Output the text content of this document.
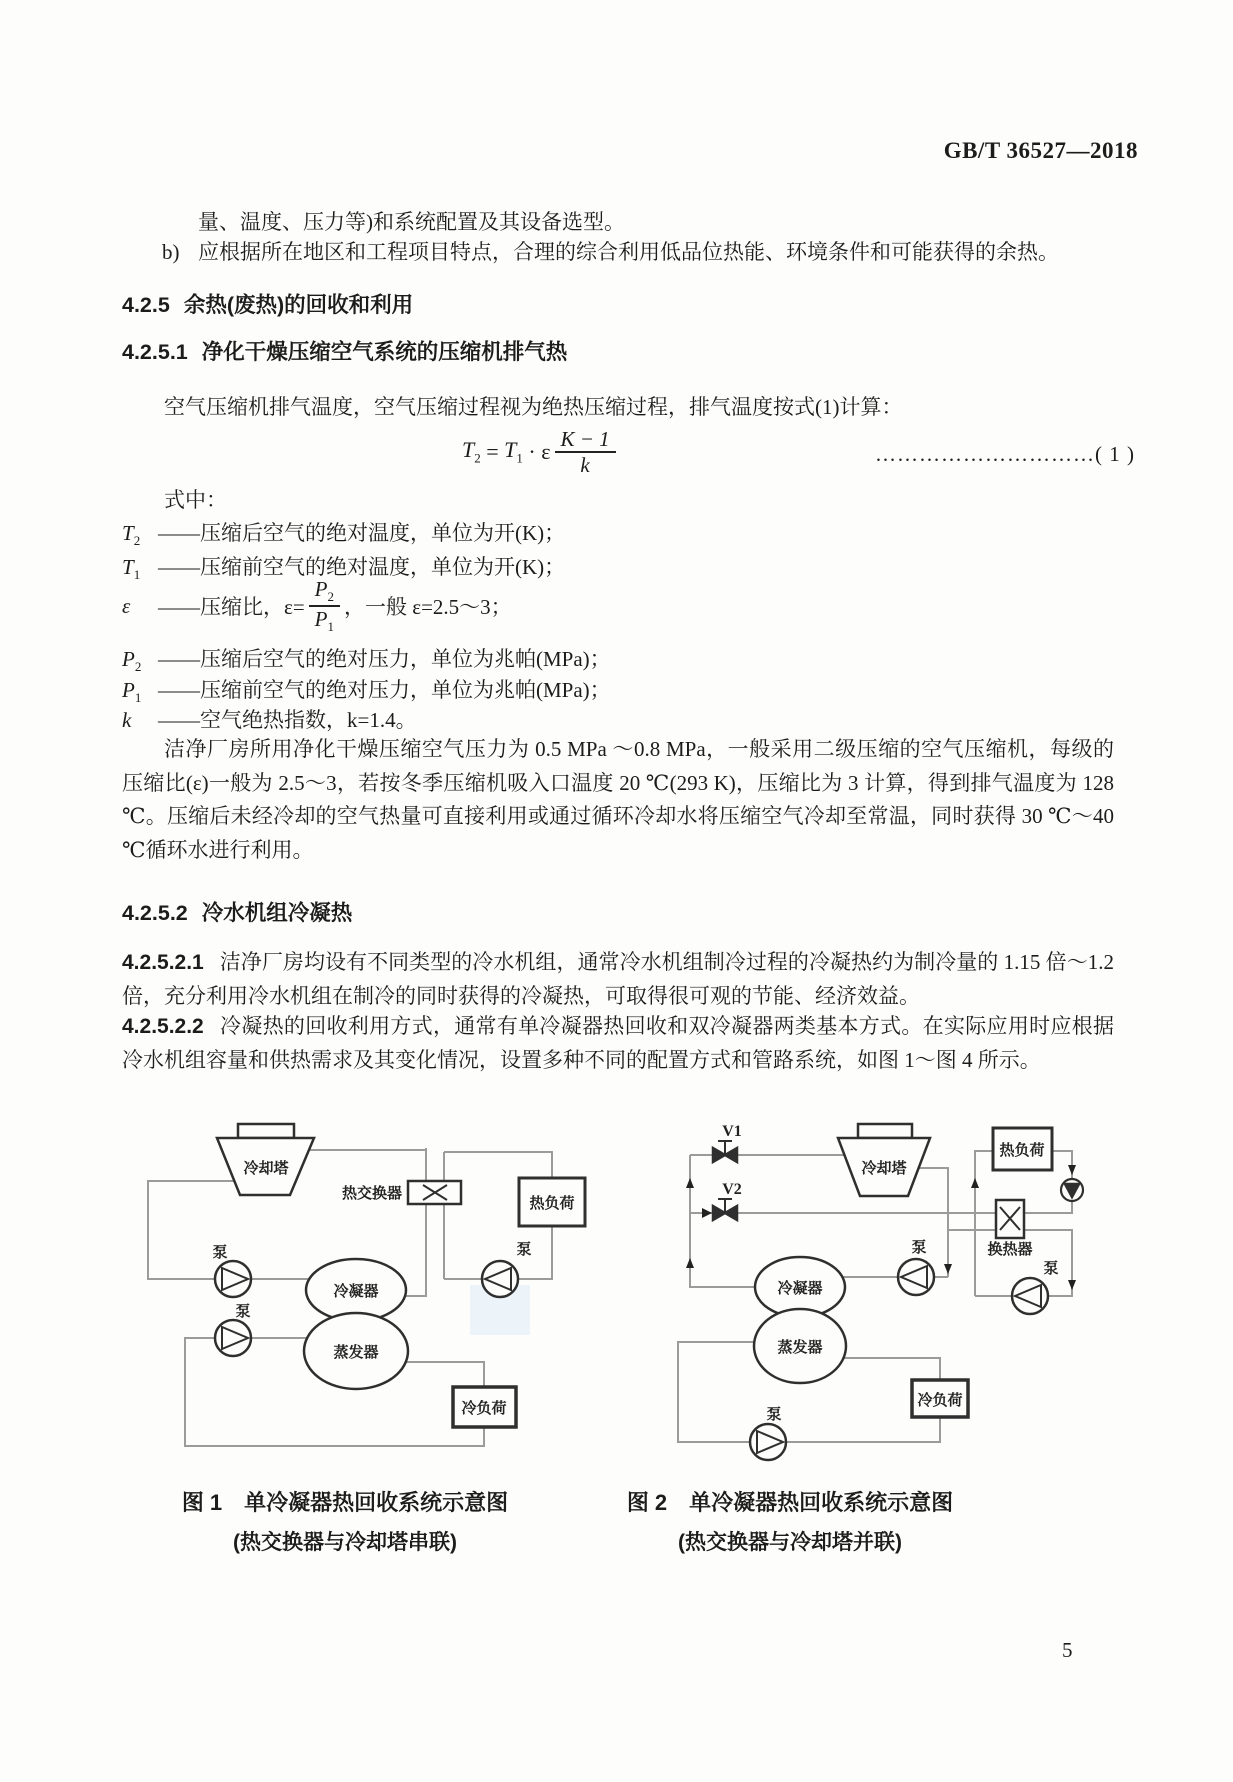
GB/T 36527—2018
量、温度、压力等)和系统配置及其设备选型。
b) 应根据所在地区和工程项目特点，合理的综合利用低品位热能、环境条件和可能获得的余热。
4.2.5 余热(废热)的回收和利用
4.2.5.1 净化干燥压缩空气系统的压缩机排气热
空气压缩机排气温度，空气压缩过程视为绝热压缩过程，排气温度按式(1)计算：
$T_2 = T_1 \cdot \varepsilon \frac{K - 1}{k}$	…………………………( 1 )
式中：
$T_2$ ——压缩后空气的绝对温度，单位为开(K)；
$T_1$ ——压缩前空气的绝对温度，单位为开(K)；
ε	——压缩比，$\varepsilon= \frac{P_2}{P_1}$ ，一般 ε=2.5～3；
$P_2$ ——压缩后空气的绝对压力，单位为兆帕(MPa)；
$P_1$ ——压缩前空气的绝对压力，单位为兆帕(MPa)；
k ——空气绝热指数，k=1.4。
洁净厂房所用净化干燥压缩空气压力为 0.5 MPa ～0.8 MPa，一般采用二级压缩的空气压缩机，每级的压缩比(ε)一般为 2.5～3，若按冬季压缩机吸入口温度 20 ℃(293 K)，压缩比为 3 计算，得到排气温度为 128 ℃。压缩后未经冷却的空气热量可直接利用或通过循环冷却水将压缩空气冷却至常温，同时获得 30 ℃～40 ℃循环水进行利用。
4.2.5.2 冷水机组冷凝热
4.2.5.2.1 洁净厂房均设有不同类型的冷水机组，通常冷水机组制冷过程的冷凝热约为制冷量的 1.15 倍～1.2 倍，充分利用冷水机组在制冷的同时获得的冷凝热，可取得很可观的节能、经济效益。
4.2.5.2.2 冷凝热的回收利用方式，通常有单冷凝器热回收和双冷凝器两类基本方式。在实际应用时应根据冷水机组容量和供热需求及其变化情况，设置多种不同的配置方式和管路系统，如图 1～图 4 所示。
冷却塔
热交换器
热负荷
冷凝器
蒸发器
冷负荷
泵
泵
泵
V1
V2
冷却塔
热负荷
换热器
冷凝器
蒸发器
冷负荷
泵
泵
泵
图 1　单冷凝器热回收系统示意图
(热交换器与冷却塔串联)
图 2　单冷凝器热回收系统示意图
(热交换器与冷却塔并联)
5
